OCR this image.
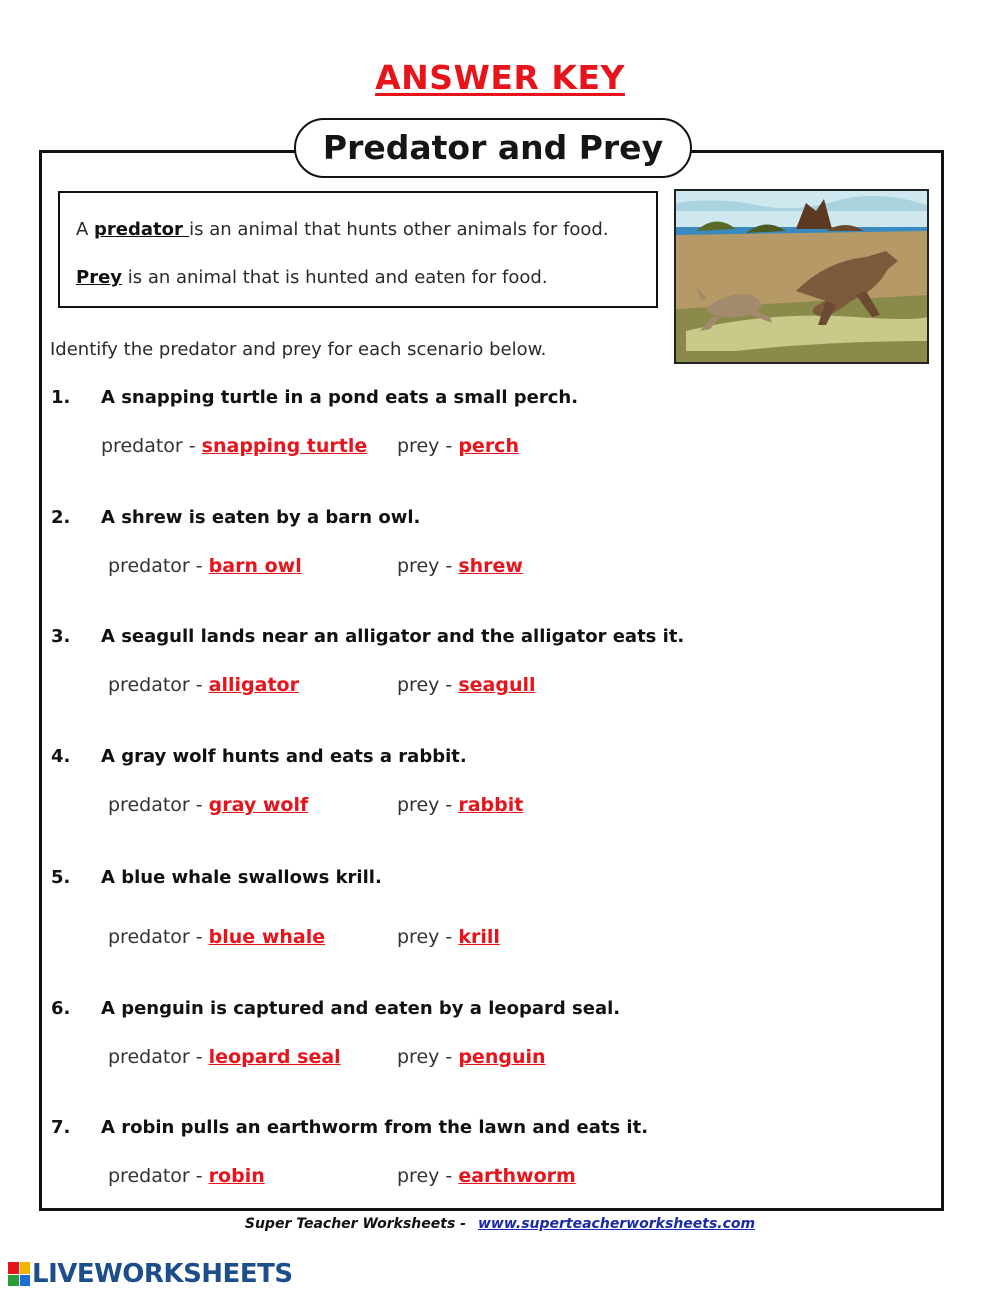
ANSWER KEY
Predator and Prey
A predator is an animal that hunts other animals for food.
Prey is an animal that is hunted and eaten for food.
Identify the predator and prey for each scenario below.
1. A snapping turtle in a pond eats a small perch.
predator - snapping turtle prey - perch
2. A shrew is eaten by a barn owl.
predator - barn owl	prey - shrew
3. A seagull lands near an alligator and the alligator eats it.
predator - alligator	prey - seagull
4. A gray wolf hunts and eats a rabbit.
predator - gray wolf	prey - rabbit
5. A blue whale swallows krill.
predator - blue whale	prey - krill
6. A penguin is captured and eaten by a leopard seal.
predator - leopard seal	prey - penguin
7. A robin pulls an earthworm from the lawn and eats it.
predator - robin	prey - earthworm
Super Teacher Worksheets - www.superteacherworksheets.com
LIVEWORKSHEETS
